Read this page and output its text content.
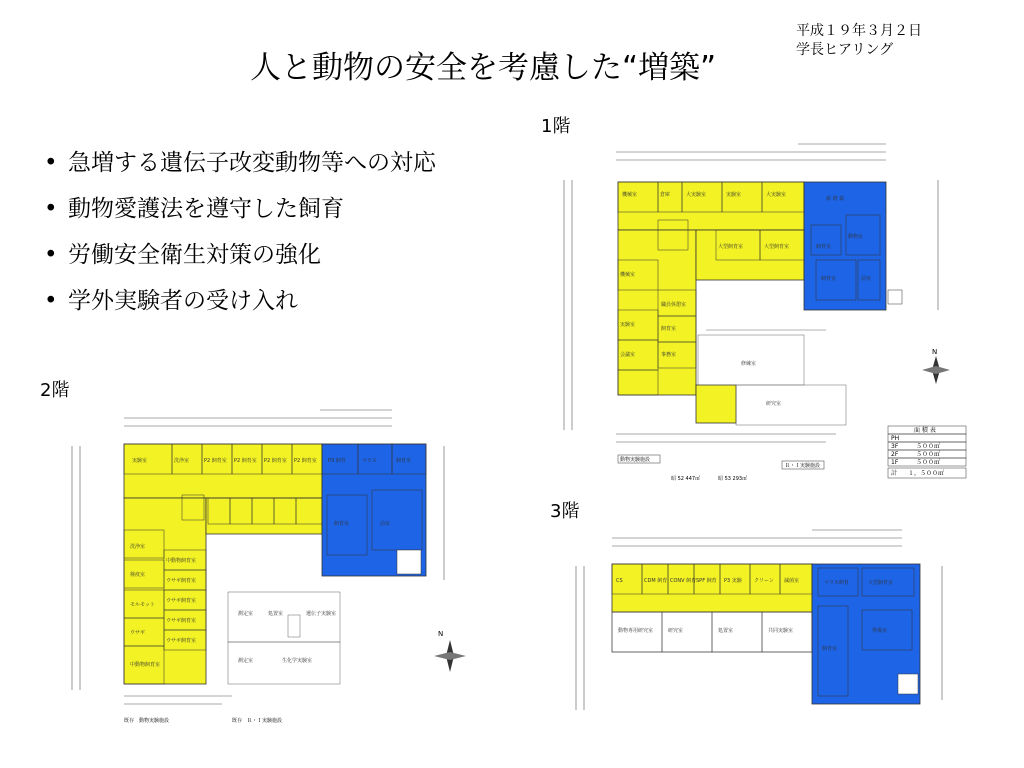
人と動物の安全を考慮した“増築”
平成１９年３月２日
学長ヒアリング
• 急増する遺伝子改変動物等への対応
• 動物愛護法を遵守した飼育
• 労働安全衛生対策の強化
• 学外実験者の受け入れ
1階
2階
3階
機械室	倉庫	大実験室	実験室	大実験室
機械室
実験室
会議室
職員休憩室
飼育室
事務室
大型飼育室	大型飼育室
新 増 築
飼育室
動物室
飼育室	前室
修練室
研究室
動物実験施設
Ｒ・Ｉ実験施設
昭 52 447㎡	昭 53 293㎡
N
面 積 表
PH
3F	５００㎡
2F	５００㎡
1F	５００㎡
計 １，５００㎡
実験室	洗浄室	P2 飼育室 P2 飼育室 P2 飼育室 P2 飼育室
洗浄室
検疫室
モルモット
ウサギ
中動物飼育室
中動物飼育室
ウサギ飼育室
ウサギ飼育室
ウサギ飼育室
ウサギ飼育室
P3 飼育	マウス	飼育室
飼育室	前室
測定室	処置室	遺伝子実験室
測定室	生化学実験室
既存　動物実験施設	既存　Ｒ・Ｉ実験施設
N
CS	CDM 飼育 CONV 飼育 SPF 飼育 P3 実験 クリーン 滅菌室
動物専用研究室	研究室	処置室	共同実験室
マウス飼育	大型飼育室
飼育室
準備室
